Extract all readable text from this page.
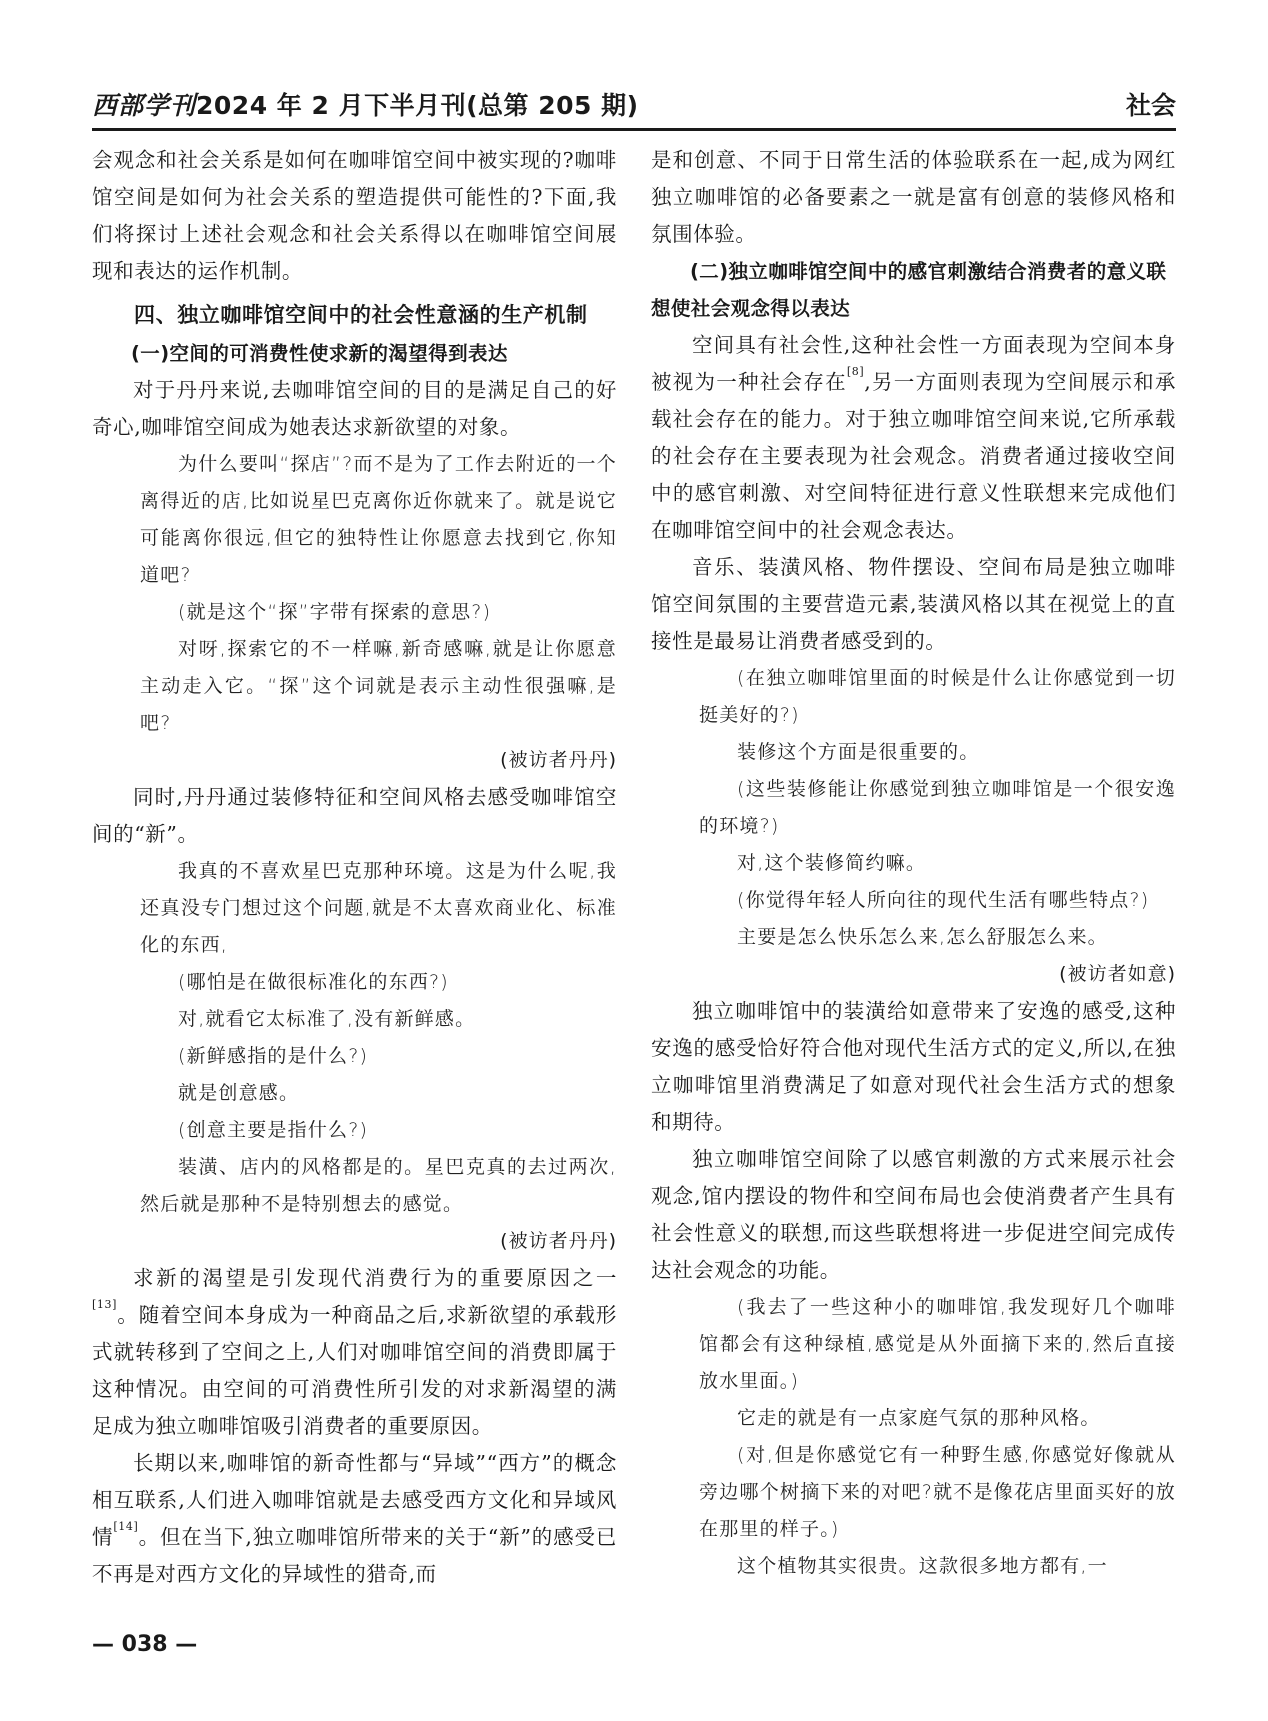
西部学刊2024 年 2 月下半月刊(总第 205 期)	社会

会观念和社会关系是如何在咖啡馆空间中被实现的?咖啡馆空间是如何为社会关系的塑造提供可能性的?下面,我们将探讨上述社会观念和社会关系得以在咖啡馆空间展现和表达的运作机制。

四、独立咖啡馆空间中的社会性意涵的生产机制

(一)空间的可消费性使求新的渴望得到表达

对于丹丹来说,去咖啡馆空间的目的是满足自己的好奇心,咖啡馆空间成为她表达求新欲望的对象。

为什么要叫“探店”?而不是为了工作去附近的一个离得近的店,比如说星巴克离你近你就来了。就是说它可能离你很远,但它的独特性让你愿意去找到它,你知道吧?

(就是这个“探”字带有探索的意思?)

对呀,探索它的不一样嘛,新奇感嘛,就是让你愿意主动走入它。“探”这个词就是表示主动性很强嘛,是吧?

(被访者丹丹)

同时,丹丹通过装修特征和空间风格去感受咖啡馆空间的“新”。

我真的不喜欢星巴克那种环境。这是为什么呢,我还真没专门想过这个问题,就是不太喜欢商业化、标准化的东西,

(哪怕是在做很标准化的东西?)

对,就看它太标准了,没有新鲜感。

(新鲜感指的是什么?)

就是创意感。

(创意主要是指什么?)

装潢、店内的风格都是的。星巴克真的去过两次,然后就是那种不是特别想去的感觉。

(被访者丹丹)

求新的渴望是引发现代消费行为的重要原因之一[13]。随着空间本身成为一种商品之后,求新欲望的承载形式就转移到了空间之上,人们对咖啡馆空间的消费即属于这种情况。由空间的可消费性所引发的对求新渴望的满足成为独立咖啡馆吸引消费者的重要原因。

长期以来,咖啡馆的新奇性都与“异域”“西方”的概念相互联系,人们进入咖啡馆就是去感受西方文化和异域风情[14]。但在当下,独立咖啡馆所带来的关于“新”的感受已不再是对西方文化的异域性的猎奇,而

是和创意、不同于日常生活的体验联系在一起,成为网红独立咖啡馆的必备要素之一就是富有创意的装修风格和氛围体验。

(二)独立咖啡馆空间中的感官刺激结合消费者的意义联想使社会观念得以表达

空间具有社会性,这种社会性一方面表现为空间本身被视为一种社会存在[8],另一方面则表现为空间展示和承载社会存在的能力。对于独立咖啡馆空间来说,它所承载的社会存在主要表现为社会观念。消费者通过接收空间中的感官刺激、对空间特征进行意义性联想来完成他们在咖啡馆空间中的社会观念表达。

音乐、装潢风格、物件摆设、空间布局是独立咖啡馆空间氛围的主要营造元素,装潢风格以其在视觉上的直接性是最易让消费者感受到的。

(在独立咖啡馆里面的时候是什么让你感觉到一切挺美好的?)

装修这个方面是很重要的。

(这些装修能让你感觉到独立咖啡馆是一个很安逸的环境?)

对,这个装修简约嘛。

(你觉得年轻人所向往的现代生活有哪些特点?)

主要是怎么快乐怎么来,怎么舒服怎么来。

(被访者如意)

独立咖啡馆中的装潢给如意带来了安逸的感受,这种安逸的感受恰好符合他对现代生活方式的定义,所以,在独立咖啡馆里消费满足了如意对现代社会生活方式的想象和期待。

独立咖啡馆空间除了以感官刺激的方式来展示社会观念,馆内摆设的物件和空间布局也会使消费者产生具有社会性意义的联想,而这些联想将进一步促进空间完成传达社会观念的功能。

(我去了一些这种小的咖啡馆,我发现好几个咖啡馆都会有这种绿植,感觉是从外面摘下来的,然后直接放水里面。)

它走的就是有一点家庭气氛的那种风格。

(对,但是你感觉它有一种野生感,你感觉好像就从旁边哪个树摘下来的对吧?就不是像花店里面买好的放在那里的样子。)

这个植物其实很贵。这款很多地方都有,一

— 038 —
